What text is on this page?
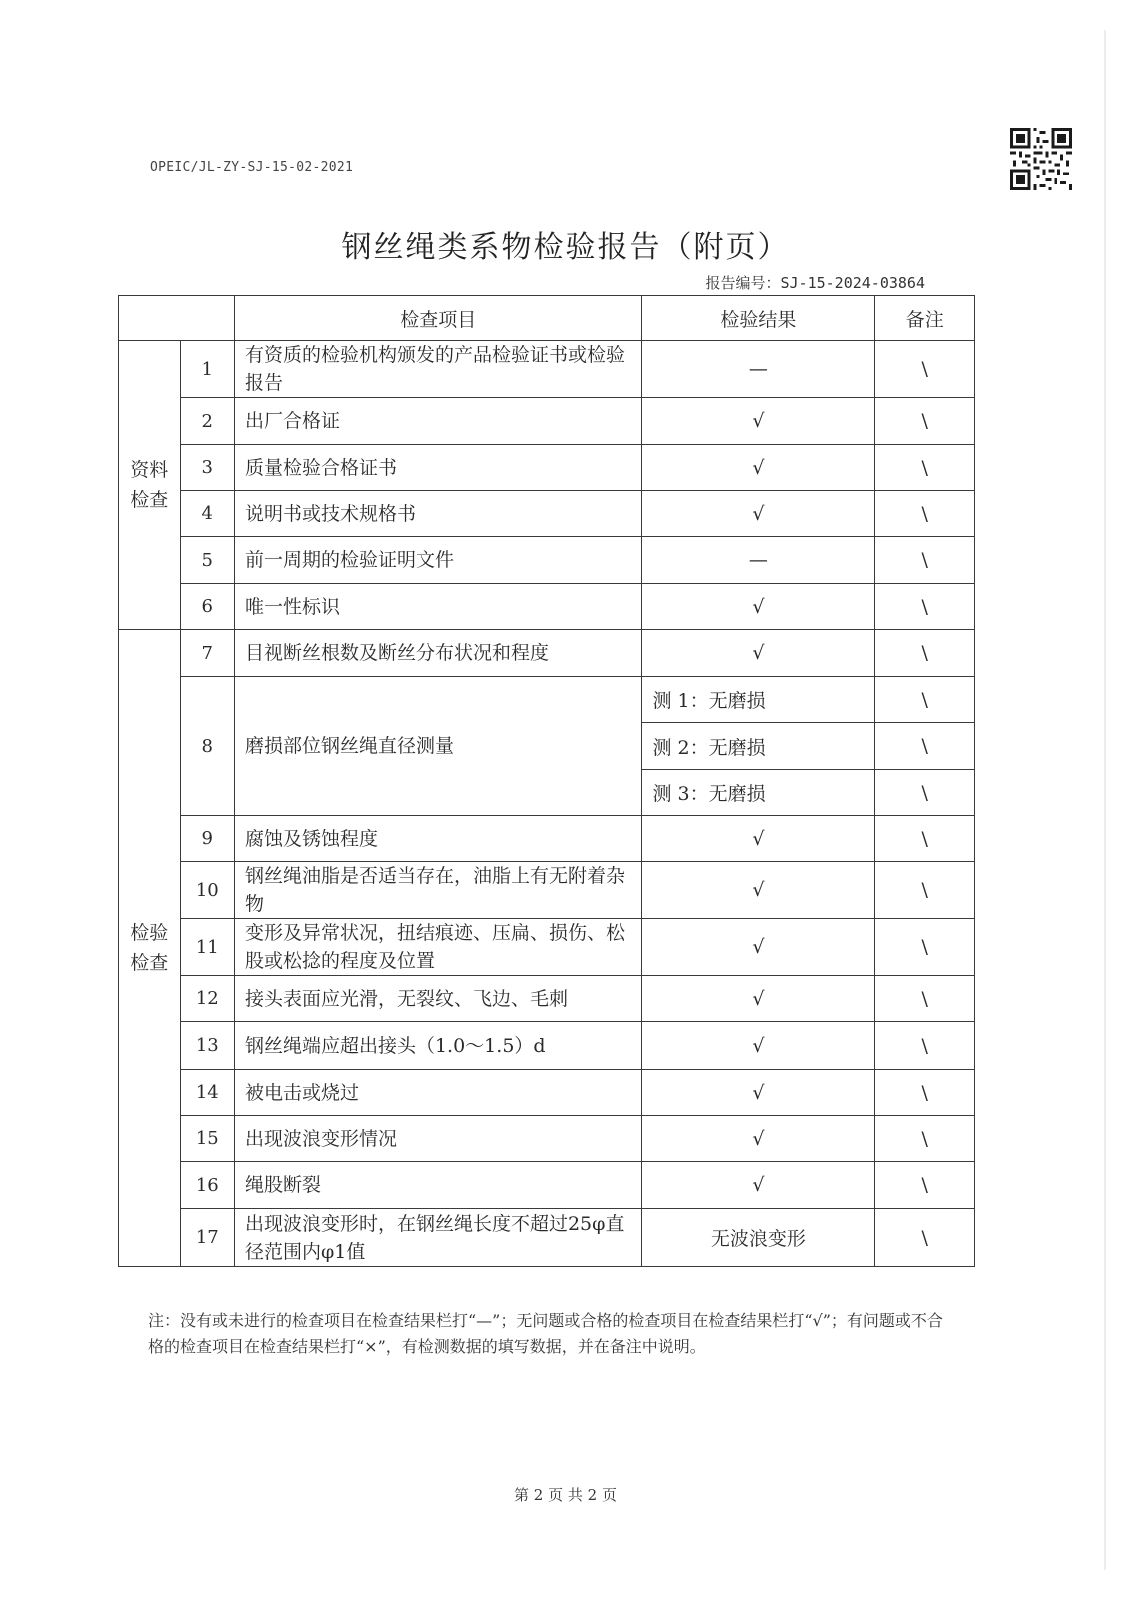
OPEIC/JL-ZY-SJ-15-02-2021
钢丝绳类系物检验报告（附页）
报告编号：SJ-15-2024-03864
		检查项目	检验结果	备注
资料检查	1	有资质的检验机构颁发的产品检验证书或检验报告	—	\
	2	出厂合格证	√	\
	3	质量检验合格证书	√	\
	4	说明书或技术规格书	√	\
	5	前一周期的检验证明文件	—	\
	6	唯一性标识	√	\
检验检查	7	目视断丝根数及断丝分布状况和程度	√	\
	8	磨损部位钢丝绳直径测量	测 1：无磨损	\
			测 2：无磨损	\
			测 3：无磨损	\
	9	腐蚀及锈蚀程度	√	\
	10	钢丝绳油脂是否适当存在，油脂上有无附着杂物	√	\
	11	变形及异常状况，扭结痕迹、压扁、损伤、松股或松捻的程度及位置	√	\
	12	接头表面应光滑，无裂纹、飞边、毛刺	√	\
	13	钢丝绳端应超出接头（1.0～1.5）d	√	\
	14	被电击或烧过	√	\
	15	出现波浪变形情况	√	\
	16	绳股断裂	√	\
	17	出现波浪变形时，在钢丝绳长度不超过25φ直径范围内φ1值	无波浪变形	\
注：没有或未进行的检查项目在检查结果栏打“—”；无问题或合格的检查项目在检查结果栏打“√”；有问题或不合格的检查项目在检查结果栏打“×”，有检测数据的填写数据，并在备注中说明。
第 2 页 共 2 页
